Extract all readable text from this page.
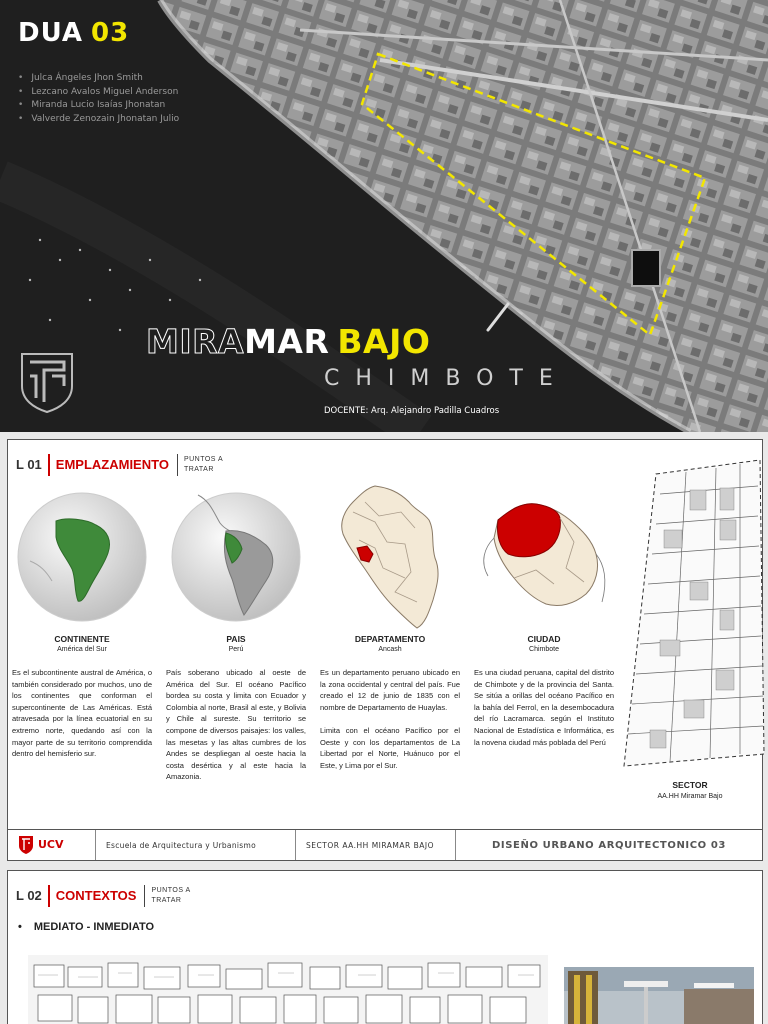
DUA 03
• Julca Ángeles Jhon Smith
• Lezcano Avalos Miguel Anderson
• Miranda Lucio Isaías Jhonatan
• Valverde Zenozain Jhonatan Julio
MIRAMAR BAJO
CHIMBOTE
DOCENTE: Arq. Alejandro Padilla Cuadros
L 01	EMPLAZAMIENTO	PUNTOS A TRATAR
CONTINENTE
América del Sur
Es el subcontinente austral de América, o también considerado por muchos, uno de los continentes que conforman el supercontinente de Las Américas. Está atravesada por la línea ecuatorial en su extremo norte, quedando así con la mayor parte de su territorio comprendida dentro del hemisferio sur.
PAIS
Perú
País soberano ubicado al oeste de América del Sur. El océano Pacífico bordea su costa y limita con Ecuador y Colombia al norte, Brasil al este, y Bolivia y Chile al sureste. Su territorio se compone de diversos paisajes: los valles, las mesetas y las altas cumbres de los Andes se despliegan al oeste hacia la costa desértica y al este hacia la Amazonia.
DEPARTAMENTO
Ancash
Es un departamento peruano ubicado en la zona occidental y central del país. Fue creado el 12 de junio de 1835 con el nombre de Departamento de Huaylas.

Limita con el océano Pacífico por el Oeste y con los departamentos de La Libertad por el Norte, Huánuco por el Este, y Lima por el Sur.
CIUDAD
Chimbote
Es una ciudad peruana, capital del distrito de Chimbote y de la provincia del Santa. Se sitúa a orillas del océano Pacífico en la bahía del Ferrol, en la desembocadura del río Lacramarca. según el Instituto Nacional de Estadística e Informática, es la novena ciudad más poblada del Perú
SECTOR
AA.HH Miramar Bajo
UCV	Escuela de Arquitectura y Urbanismo	SECTOR AA.HH MIRAMAR BAJO	DISEÑO URBANO ARQUITECTONICO 03
L 02	CONTEXTOS	PUNTOS A TRATAR
• MEDIATO - INMEDIATO
